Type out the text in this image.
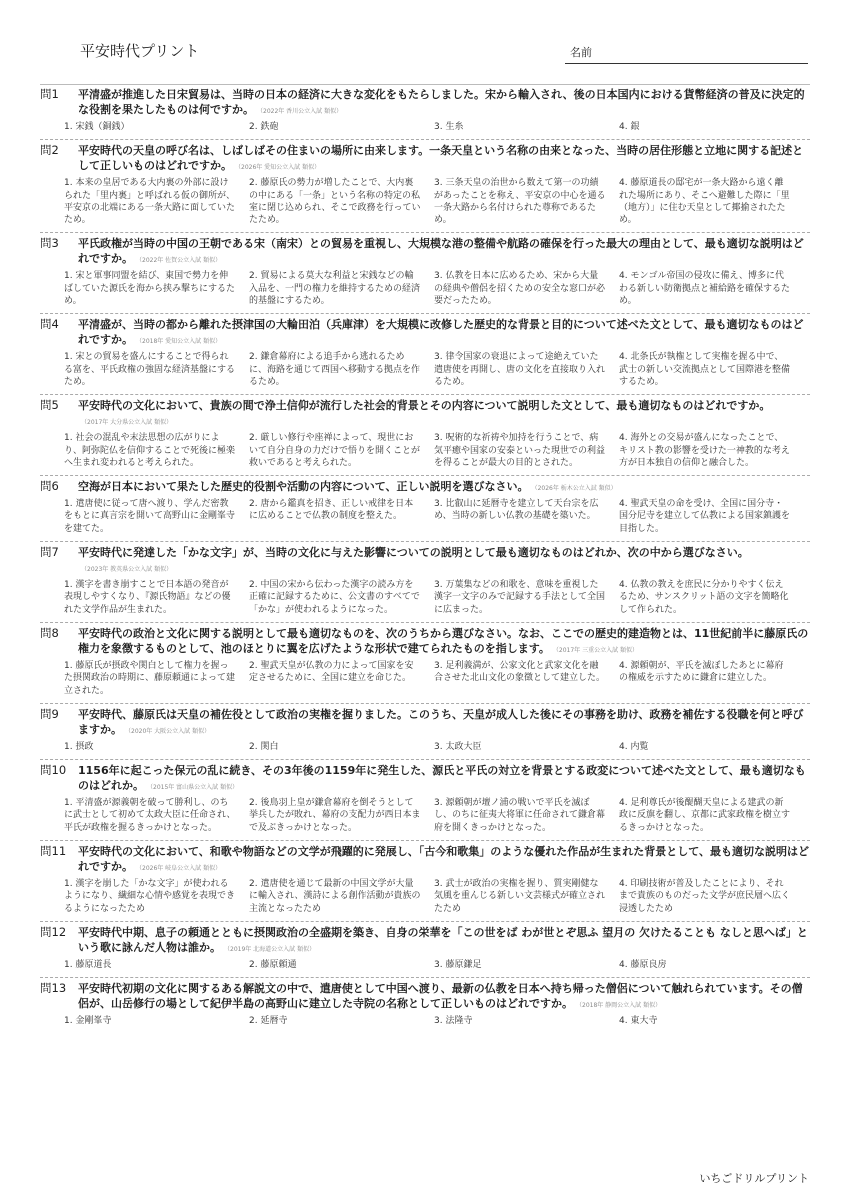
平安時代プリント	名前
問1	平清盛が推進した日宋貿易は、当時の日本の経済に大きな変化をもたらしました。宋から輸入され、後の日本国内における貨幣経済の普及に決定的な役割を果たしたものは何ですか。 （2022年 香川公立入試 類似）
1. 宋銭（銅銭）	2. 鉄砲	3. 生糸	4. 銀
問2	平安時代の天皇の呼び名は、しばしばその住まいの場所に由来します。一条天皇という名称の由来となった、当時の居住形態と立地に関する記述として正しいものはどれですか。 （2026年 愛知公立入試 類似）
1. 本来の皇居である大内裏の外部に設けられた「里内裏」と呼ばれる仮の御所が、平安京の北端にある一条大路に面していたため。
2. 藤原氏の勢力が増したことで、大内裏の中にある「一条」という名称の特定の私室に閉じ込められ、そこで政務を行っていたため。
3. 三条天皇の治世から数えて第一の功績があったことを称え、平安京の中心を通る一条大路から名付けられた尊称であるため。
4. 藤原道長の邸宅が一条大路から遠く離れた場所にあり、そこへ避難した際に「里（地方）」に住む天皇として揶揄されたため。
問3	平氏政権が当時の中国の王朝である宋（南宋）との貿易を重視し、大規模な港の整備や航路の確保を行った最大の理由として、最も適切な説明はどれですか。 （2022年 佐賀公立入試 類似）
1. 宋と軍事同盟を結び、東国で勢力を伸ばしていた源氏を海から挟み撃ちにするため。
2. 貿易による莫大な利益と宋銭などの輸入品を、一門の権力を維持するための経済的基盤にするため。
3. 仏教を日本に広めるため、宋から大量の経典や僧侶を招くための安全な窓口が必要だったため。
4. モンゴル帝国の侵攻に備え、博多に代わる新しい防衛拠点と補給路を確保するため。
問4	平清盛が、当時の都から離れた摂津国の大輪田泊（兵庫津）を大規模に改修した歴史的な背景と目的について述べた文として、最も適切なものはどれですか。 （2018年 愛知公立入試 類似）
1. 宋との貿易を盛んにすることで得られる富を、平氏政権の強固な経済基盤にするため。
2. 鎌倉幕府による追手から逃れるために、海路を通じて西国へ移動する拠点を作るため。
3. 律令国家の衰退によって途絶えていた遣唐使を再開し、唐の文化を直接取り入れるため。
4. 北条氏が執権として実権を握る中で、武士の新しい交流拠点として国際港を整備するため。
問5	平安時代の文化において、貴族の間で浄土信仰が流行した社会的背景とその内容について説明した文として、最も適切なものはどれですか。（2017年 大分県公立入試 類似）
1. 社会の混乱や末法思想の広がりにより、阿弥陀仏を信仰することで死後に極楽へ生まれ変われると考えられた。
2. 厳しい修行や座禅によって、現世において自分自身の力だけで悟りを開くことが救いであると考えられた。
3. 呪術的な祈祷や加持を行うことで、病気平癒や国家の安泰といった現世での利益を得ることが最大の目的とされた。
4. 海外との交易が盛んになったことで、キリスト教の影響を受けた一神教的な考え方が日本独自の信仰と融合した。
問6	空海が日本において果たした歴史的役割や活動の内容について、正しい説明を選びなさい。 （2026年 栃木公立入試 類似）
1. 遣唐使に従って唐へ渡り、学んだ密教をもとに真言宗を開いて高野山に金剛峯寺を建てた。
2. 唐から鑑真を招き、正しい戒律を日本に広めることで仏教の制度を整えた。
3. 比叡山に延暦寺を建立して天台宗を広め、当時の新しい仏教の基礎を築いた。
4. 聖武天皇の命を受け、全国に国分寺・国分尼寺を建立して仏教による国家鎮護を目指した。
問7	平安時代に発達した「かな文字」が、当時の文化に与えた影響についての説明として最も適切なものはどれか、次の中から選びなさい。（2023年 教英県公立入試 類似）
1. 漢字を書き崩すことで日本語の発音が表現しやすくなり、『源氏物語』などの優れた文学作品が生まれた。
2. 中国の宋から伝わった漢字の読み方を正確に記録するために、公文書のすべてで「かな」が使われるようになった。
3. 万葉集などの和歌を、意味を重視した漢字一文字のみで記録する手法として全国に広まった。
4. 仏教の教えを庶民に分かりやすく伝えるため、サンスクリット語の文字を簡略化して作られた。
問8	平安時代の政治と文化に関する説明として最も適切なものを、次のうちから選びなさい。なお、ここでの歴史的建造物とは、11世紀前半に藤原氏の権力を象徴するものとして、池のほとりに翼を広げたような形状で建てられたものを指します。 （2017年 三重公立入試 類似）
1. 藤原氏が摂政や関白として権力を握った摂関政治の時期に、藤原頼通によって建立された。
2. 聖武天皇が仏教の力によって国家を安定させるために、全国に建立を命じた。
3. 足利義満が、公家文化と武家文化を融合させた北山文化の象徴として建立した。
4. 源頼朝が、平氏を滅ぼしたあとに幕府の権威を示すために鎌倉に建立した。
問9	平安時代、藤原氏は天皇の補佐役として政治の実権を握りました。このうち、天皇が成人した後にその事務を助け、政務を補佐する役職を何と呼びますか。 （2020年 大阪公立入試 類似）
1. 摂政	2. 関白	3. 太政大臣	4. 内覧
問10	1156年に起こった保元の乱に続き、その3年後の1159年に発生した、源氏と平氏の対立を背景とする政変について述べた文として、最も適切なものはどれか。 （2015年 富山県公立入試 類似）
1. 平清盛が源義朝を破って勝利し、のちに武士として初めて太政大臣に任命され、平氏が政権を握るきっかけとなった。
2. 後鳥羽上皇が鎌倉幕府を倒そうとして挙兵したが敗れ、幕府の支配力が西日本まで及ぶきっかけとなった。
3. 源頼朝が壇ノ浦の戦いで平氏を滅ぼし、のちに征夷大将軍に任命されて鎌倉幕府を開くきっかけとなった。
4. 足利尊氏が後醍醐天皇による建武の新政に反旗を翻し、京都に武家政権を樹立するきっかけとなった。
問11	平安時代の文化において、和歌や物語などの文学が飛躍的に発展し、「古今和歌集」のような優れた作品が生まれた背景として、最も適切な説明はどれですか。 （2026年 岐阜公立入試 類似）
1. 漢字を崩した「かな文字」が使われるようになり、繊細な心情や感覚を表現できるようになったため
2. 遣唐使を通じて最新の中国文学が大量に輸入され、漢詩による創作活動が貴族の主流となったため
3. 武士が政治の実権を握り、質実剛健な気風を重んじる新しい文芸様式が確立されたため
4. 印刷技術が普及したことにより、それまで貴族のものだった文学が庶民層へ広く浸透したため
問12	平安時代中期、息子の頼通とともに摂関政治の全盛期を築き、自身の栄華を「この世をば わが世とぞ思ふ 望月の 欠けたることも なしと思へば」という歌に詠んだ人物は誰か。 （2019年 北海道公立入試 類似）
1. 藤原道長	2. 藤原頼通	3. 藤原鎌足	4. 藤原良房
問13	平安時代初期の文化に関するある解説文の中で、遣唐使として中国へ渡り、最新の仏教を日本へ持ち帰った僧侶について触れられています。その僧侶が、山岳修行の場として紀伊半島の高野山に建立した寺院の名称として正しいものはどれですか。 （2018年 静岡公立入試 類似）
1. 金剛峯寺	2. 延暦寺	3. 法隆寺	4. 東大寺
いちごドリルプリント
